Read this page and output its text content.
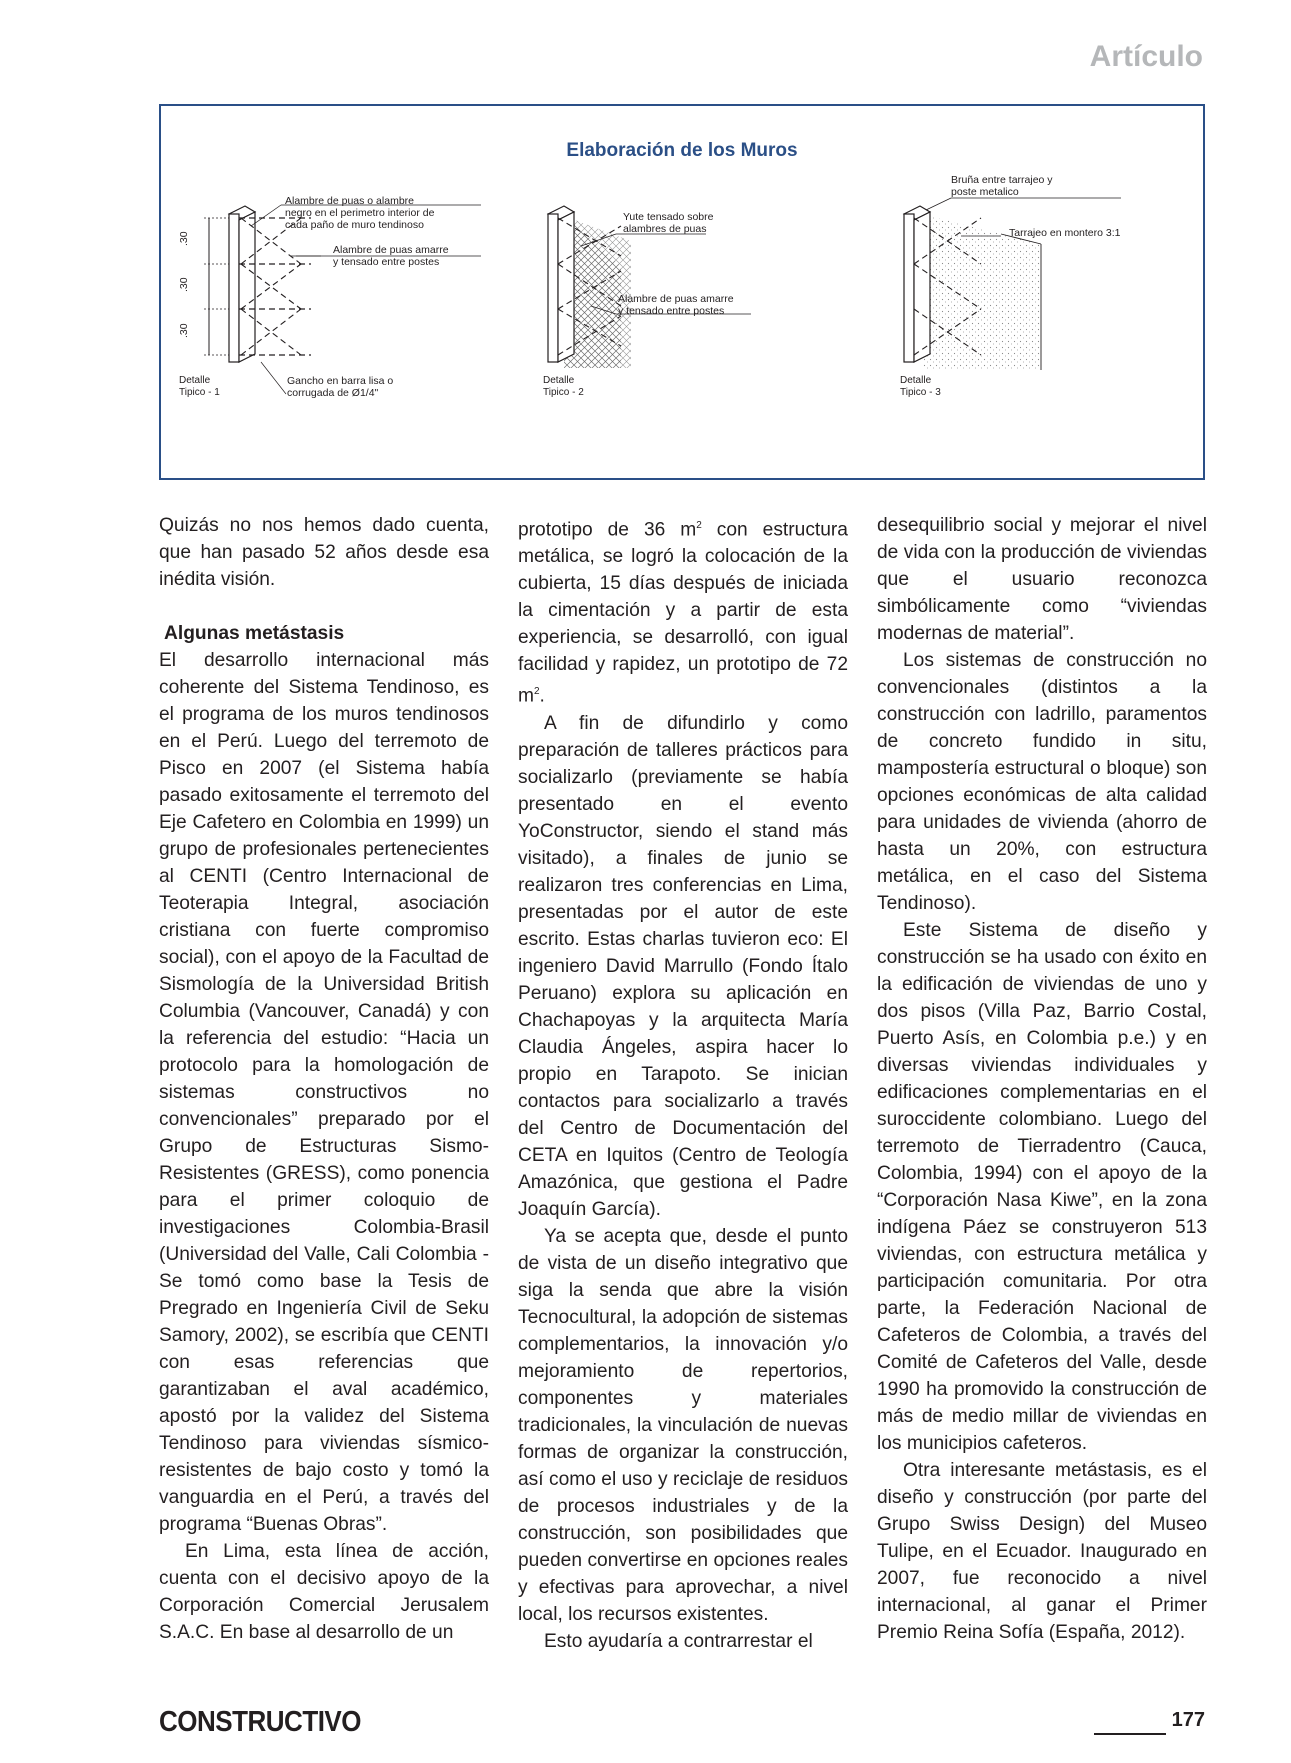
Artículo
Elaboración de los Muros
.30
.30
.30
Alambre de puas o alambre
negro en el perimetro interior de
cada paño de muro tendinoso
Alambre de puas amarre
y tensado entre postes
Gancho en barra lisa o
corrugada de Ø1/4"
Detalle
Tipico - 1
Yute tensado sobre
alambres de puas
Alambre de puas amarre
y tensado entre postes
Detalle
Tipico - 2
Bruña entre tarrajeo y
poste metalico
Tarrajeo en montero 3:1
Detalle
Tipico - 3

Quizás no nos hemos dado cuenta, que han pasado 52 años desde esa inédita visión.

Algunas metástasis

El desarrollo internacional más coherente del Sistema Tendinoso, es el programa de los muros tendinosos en el Perú. Luego del terremoto de Pisco en 2007 (el Sistema había pasado exitosamente el terremoto del Eje Cafetero en Colombia en 1999) un grupo de profesionales pertenecientes al CENTI (Centro Internacional de Teoterapia Integral, asociación cristiana con fuerte compromiso social), con el apoyo de la Facultad de Sismología de la Universidad British Columbia (Vancouver, Canadá) y con la referencia del estudio: “Hacia un protocolo para la homologación de sistemas constructivos no convencionales” preparado por el Grupo de Estructuras Sismo-Resistentes (GRESS), como ponencia para el primer coloquio de investigaciones Colombia-Brasil (Universidad del Valle, Cali Colombia - Se tomó como base la Tesis de Pregrado en Ingeniería Civil de Seku Samory, 2002), se escribía que CENTI con esas referencias que garantizaban el aval académico, apostó por la validez del Sistema Tendinoso para viviendas sísmico-resistentes de bajo costo y tomó la vanguardia en el Perú, a través del programa “Buenas Obras”.

En Lima, esta línea de acción, cuenta con el decisivo apoyo de la Corporación Comercial Jerusalem S.A.C. En base al desarrollo de un

prototipo de 36 $m^2$ con estructura metálica, se logró la colocación de la cubierta, 15 días después de iniciada la cimentación y a partir de esta experiencia, se desarrolló, con igual facilidad y rapidez, un prototipo de 72 $m^2$.

A fin de difundirlo y como preparación de talleres prácticos para socializarlo (previamente se había presentado en el evento YoConstructor, siendo el stand más visitado), a finales de junio se realizaron tres conferencias en Lima, presentadas por el autor de este escrito. Estas charlas tuvieron eco: El ingeniero David Marrullo (Fondo Ítalo Peruano) explora su aplicación en Chachapoyas y la arquitecta María Claudia Ángeles, aspira hacer lo propio en Tarapoto. Se inician contactos para socializarlo a través del Centro de Documentación del CETA en Iquitos (Centro de Teología Amazónica, que gestiona el Padre Joaquín García).

Ya se acepta que, desde el punto de vista de un diseño integrativo que siga la senda que abre la visión Tecnocultural, la adopción de sistemas complementarios, la innovación y/o mejoramiento de repertorios, componentes y materiales tradicionales, la vinculación de nuevas formas de organizar la construcción, así como el uso y reciclaje de residuos de procesos industriales y de la construcción, son posibilidades que pueden convertirse en opciones reales y efectivas para aprovechar, a nivel local, los recursos existentes.

Esto ayudaría a contrarrestar el

desequilibrio social y mejorar el nivel de vida con la producción de viviendas que el usuario reconozca simbólicamente como “viviendas modernas de material”.

Los sistemas de construcción no convencionales (distintos a la construcción con ladrillo, paramentos de concreto fundido in situ, mampostería estructural o bloque) son opciones económicas de alta calidad para unidades de vivienda (ahorro de hasta un 20%, con estructura metálica, en el caso del Sistema Tendinoso).

Este Sistema de diseño y construcción se ha usado con éxito en la edificación de viviendas de uno y dos pisos (Villa Paz, Barrio Costal, Puerto Asís, en Colombia p.e.) y en diversas viviendas individuales y edificaciones complementarias en el suroccidente colombiano. Luego del terremoto de Tierradentro (Cauca, Colombia, 1994) con el apoyo de la “Corporación Nasa Kiwe”, en la zona indígena Páez se construyeron 513 viviendas, con estructura metálica y participación comunitaria. Por otra parte, la Federación Nacional de Cafeteros de Colombia, a través del Comité de Cafeteros del Valle, desde 1990 ha promovido la construcción de más de medio millar de viviendas en los municipios cafeteros.

Otra interesante metástasis, es el diseño y construcción (por parte del Grupo Swiss Design) del Museo Tulipe, en el Ecuador. Inaugurado en 2007, fue reconocido a nivel internacional, al ganar el Primer Premio Reina Sofía (España, 2012).

CONSTRUCTIVO	177
